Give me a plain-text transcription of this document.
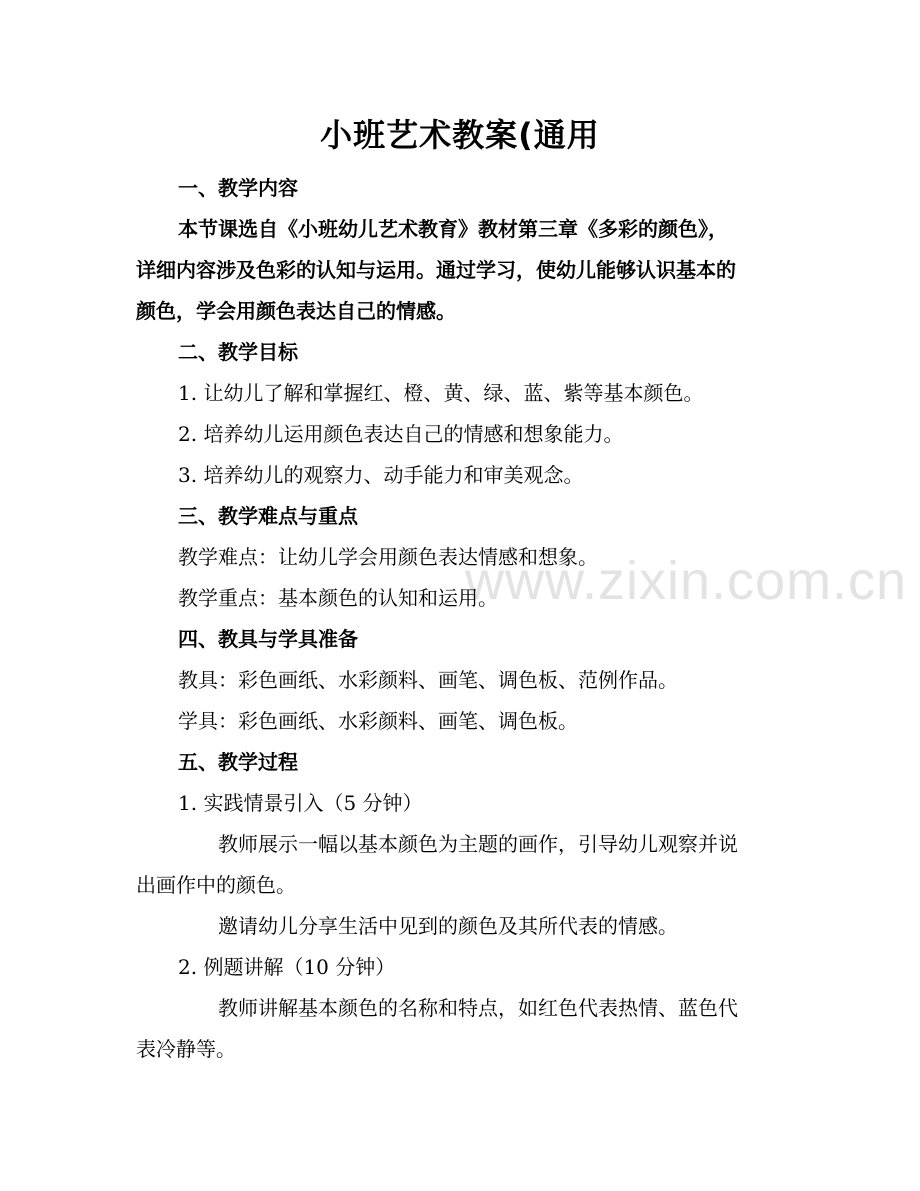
www.zixin.com.cn
小班艺术教案(通用
一、教学内容
本节课选自《小班幼儿艺术教育》教材第三章《多彩的颜色》，
详细内容涉及色彩的认知与运用。通过学习，使幼儿能够认识基本的
颜色，学会用颜色表达自己的情感。
二、教学目标
1. 让幼儿了解和掌握红、橙、黄、绿、蓝、紫等基本颜色。
2. 培养幼儿运用颜色表达自己的情感和想象能力。
3. 培养幼儿的观察力、动手能力和审美观念。
三、教学难点与重点
教学难点：让幼儿学会用颜色表达情感和想象。
教学重点：基本颜色的认知和运用。
四、教具与学具准备
教具：彩色画纸、水彩颜料、画笔、调色板、范例作品。
学具：彩色画纸、水彩颜料、画笔、调色板。
五、教学过程
1. 实践情景引入（5 分钟）
教师展示一幅以基本颜色为主题的画作，引导幼儿观察并说
出画作中的颜色。
邀请幼儿分享生活中见到的颜色及其所代表的情感。
2. 例题讲解（10 分钟）
教师讲解基本颜色的名称和特点，如红色代表热情、蓝色代
表冷静等。
